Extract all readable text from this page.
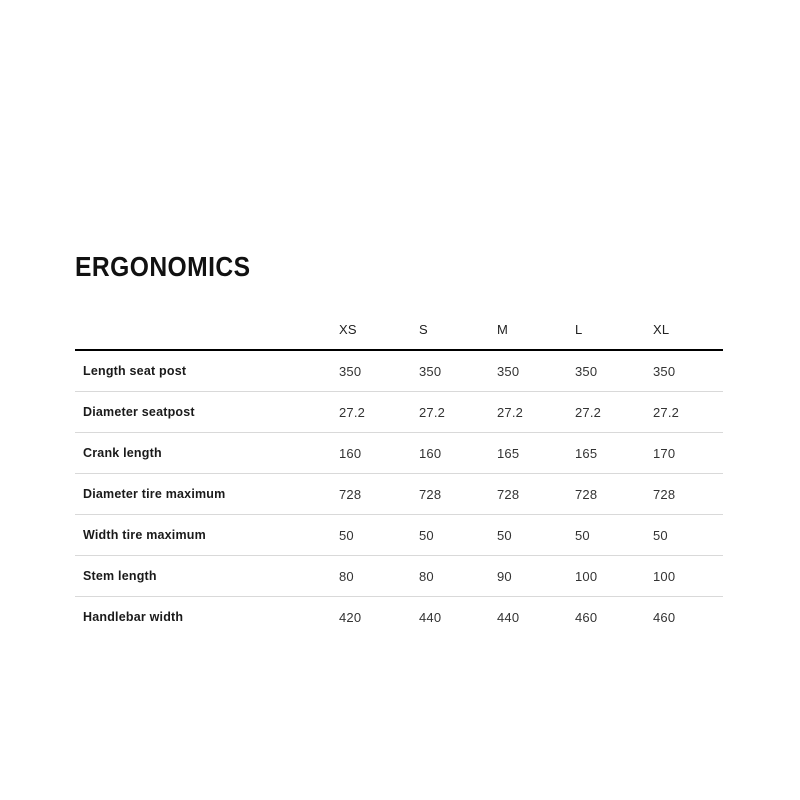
ERGONOMICS
	XS	S	M	L	XL
Length seat post	350	350	350	350	350
Diameter seatpost	27.2	27.2	27.2	27.2	27.2
Crank length	160	160	165	165	170
Diameter tire maximum	728	728	728	728	728
Width tire maximum	50	50	50	50	50
Stem length	80	80	90	100	100
Handlebar width	420	440	440	460	460
